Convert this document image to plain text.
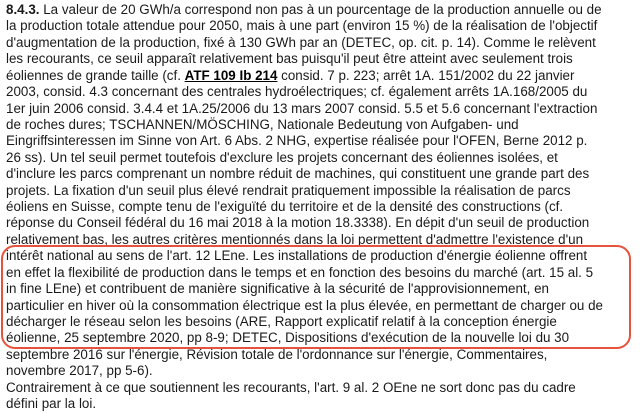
8.4.3. La valeur de 20 GWh/a correspond non pas à un pourcentage de la production annuelle ou de
la production totale attendue pour 2050, mais à une part (environ 15 %) de la réalisation de l'objectif
d'augmentation de la production, fixé à 130 GWh par an (DETEC, op. cit. p. 14). Comme le relèvent
les recourants, ce seuil apparaît relativement bas puisqu'il peut être atteint avec seulement trois
éoliennes de grande taille (cf. ATF 109 Ib 214 consid. 7 p. 223; arrêt 1A. 151/2002 du 22 janvier
2003, consid. 4.3 concernant des centrales hydroélectriques; cf. également arrêts 1A.168/2005 du
1er juin 2006 consid. 3.4.4 et 1A.25/2006 du 13 mars 2007 consid. 5.5 et 5.6 concernant l'extraction
de roches dures; TSCHANNEN/MÖSCHING, Nationale Bedeutung von Aufgaben- und
Eingriffsinteressen im Sinne von Art. 6 Abs. 2 NHG, expertise réalisée pour l'OFEN, Berne 2012 p.
26 ss). Un tel seuil permet toutefois d'exclure les projets concernant des éoliennes isolées, et
d'inclure les parcs comprenant un nombre réduit de machines, qui constituent une grande part des
projets. La fixation d'un seuil plus élevé rendrait pratiquement impossible la réalisation de parcs
éoliens en Suisse, compte tenu de l'exiguïté du territoire et de la densité des constructions (cf.
réponse du Conseil fédéral du 16 mai 2018 à la motion 18.3338). En dépit d'un seuil de production
relativement bas, les autres critères mentionnés dans la loi permettent d'admettre l'existence d'un
intérêt national au sens de l'art. 12 LEne. Les installations de production d'énergie éolienne offrent
en effet la flexibilité de production dans le temps et en fonction des besoins du marché (art. 15 al. 5
in fine LEne) et contribuent de manière significative à la sécurité de l'approvisionnement, en
particulier en hiver où la consommation électrique est la plus élevée, en permettant de charger ou de
décharger le réseau selon les besoins (ARE, Rapport explicatif relatif à la conception énergie
éolienne, 25 septembre 2020, pp 8-9; DETEC, Dispositions d'exécution de la nouvelle loi du 30
septembre 2016 sur l'énergie, Révision totale de l'ordonnance sur l'énergie, Commentaires,
novembre 2017, pp 5-6).
Contrairement à ce que soutiennent les recourants, l'art. 9 al. 2 OEne ne sort donc pas du cadre
défini par la loi.
